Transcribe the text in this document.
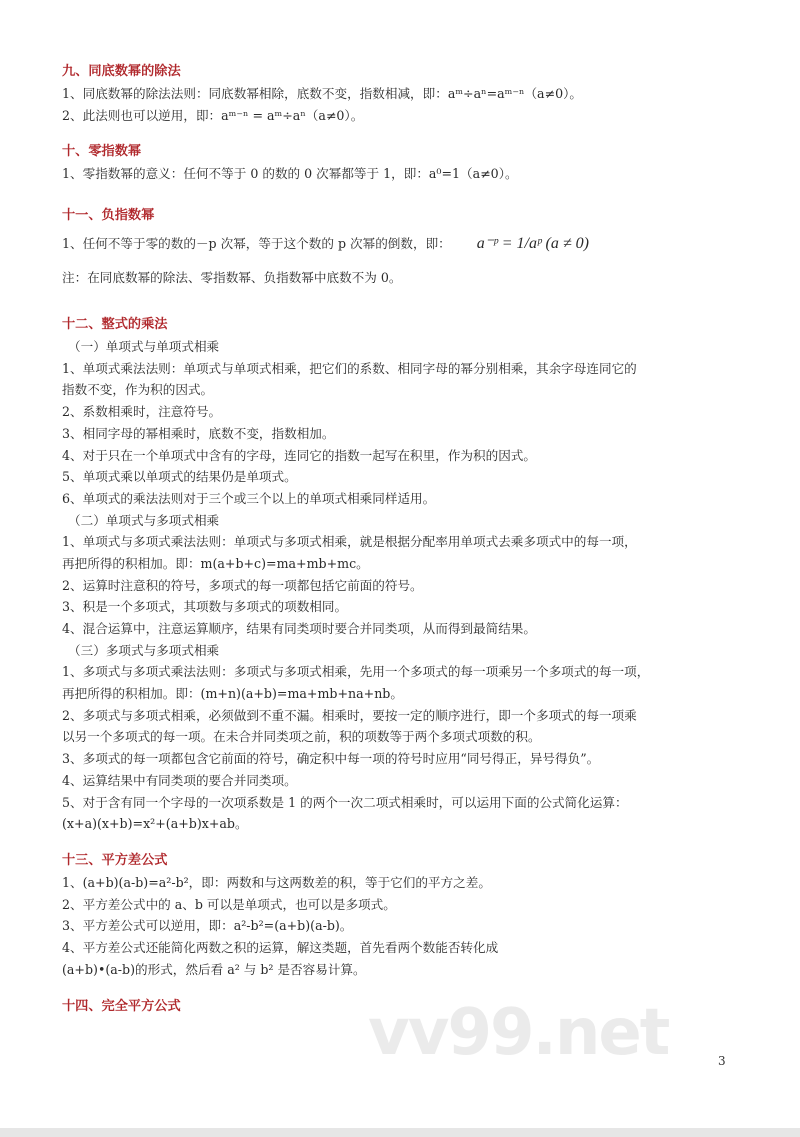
九、同底数幂的除法
1、同底数幂的除法法则：同底数幂相除，底数不变，指数相减，即：aᵐ÷aⁿ=aᵐ⁻ⁿ（a≠0）。
2、此法则也可以逆用，即：aᵐ⁻ⁿ = aᵐ÷aⁿ（a≠0）。
十、零指数幂
1、零指数幂的意义：任何不等于 0 的数的 0 次幂都等于 1，即：a⁰=1（a≠0）。
十一、负指数幂
1、任何不等于零的数的－p 次幂，等于这个数的 p 次幂的倒数，即： a⁻ᵖ = 1/aᵖ (a ≠ 0)
注：在同底数幂的除法、零指数幂、负指数幂中底数不为 0。
十二、整式的乘法
（一）单项式与单项式相乘
1、单项式乘法法则：单项式与单项式相乘，把它们的系数、相同字母的幂分别相乘，其余字母连同它的
指数不变，作为积的因式。
2、系数相乘时，注意符号。
3、相同字母的幂相乘时，底数不变，指数相加。
4、对于只在一个单项式中含有的字母，连同它的指数一起写在积里，作为积的因式。
5、单项式乘以单项式的结果仍是单项式。
6、单项式的乘法法则对于三个或三个以上的单项式相乘同样适用。
（二）单项式与多项式相乘
1、单项式与多项式乘法法则：单项式与多项式相乘，就是根据分配率用单项式去乘多项式中的每一项，
再把所得的积相加。即：m(a+b+c)=ma+mb+mc。
2、运算时注意积的符号，多项式的每一项都包括它前面的符号。
3、积是一个多项式，其项数与多项式的项数相同。
4、混合运算中，注意运算顺序，结果有同类项时要合并同类项，从而得到最简结果。
（三）多项式与多项式相乘
1、多项式与多项式乘法法则：多项式与多项式相乘，先用一个多项式的每一项乘另一个多项式的每一项，
再把所得的积相加。即：(m+n)(a+b)=ma+mb+na+nb。
2、多项式与多项式相乘，必须做到不重不漏。相乘时，要按一定的顺序进行，即一个多项式的每一项乘
以另一个多项式的每一项。在未合并同类项之前，积的项数等于两个多项式项数的积。
3、多项式的每一项都包含它前面的符号，确定积中每一项的符号时应用“同号得正，异号得负”。
4、运算结果中有同类项的要合并同类项。
5、对于含有同一个字母的一次项系数是 1 的两个一次二项式相乘时，可以运用下面的公式简化运算：
(x+a)(x+b)=x²+(a+b)x+ab。
十三、平方差公式
1、(a+b)(a-b)=a²-b²，即：两数和与这两数差的积，等于它们的平方之差。
2、平方差公式中的 a、b 可以是单项式，也可以是多项式。
3、平方差公式可以逆用，即：a²-b²=(a+b)(a-b)。
4、平方差公式还能简化两数之积的运算，解这类题，首先看两个数能否转化成
(a+b)•(a-b)的形式，然后看 a² 与 b² 是否容易计算。
十四、完全平方公式	vv99.net	3
